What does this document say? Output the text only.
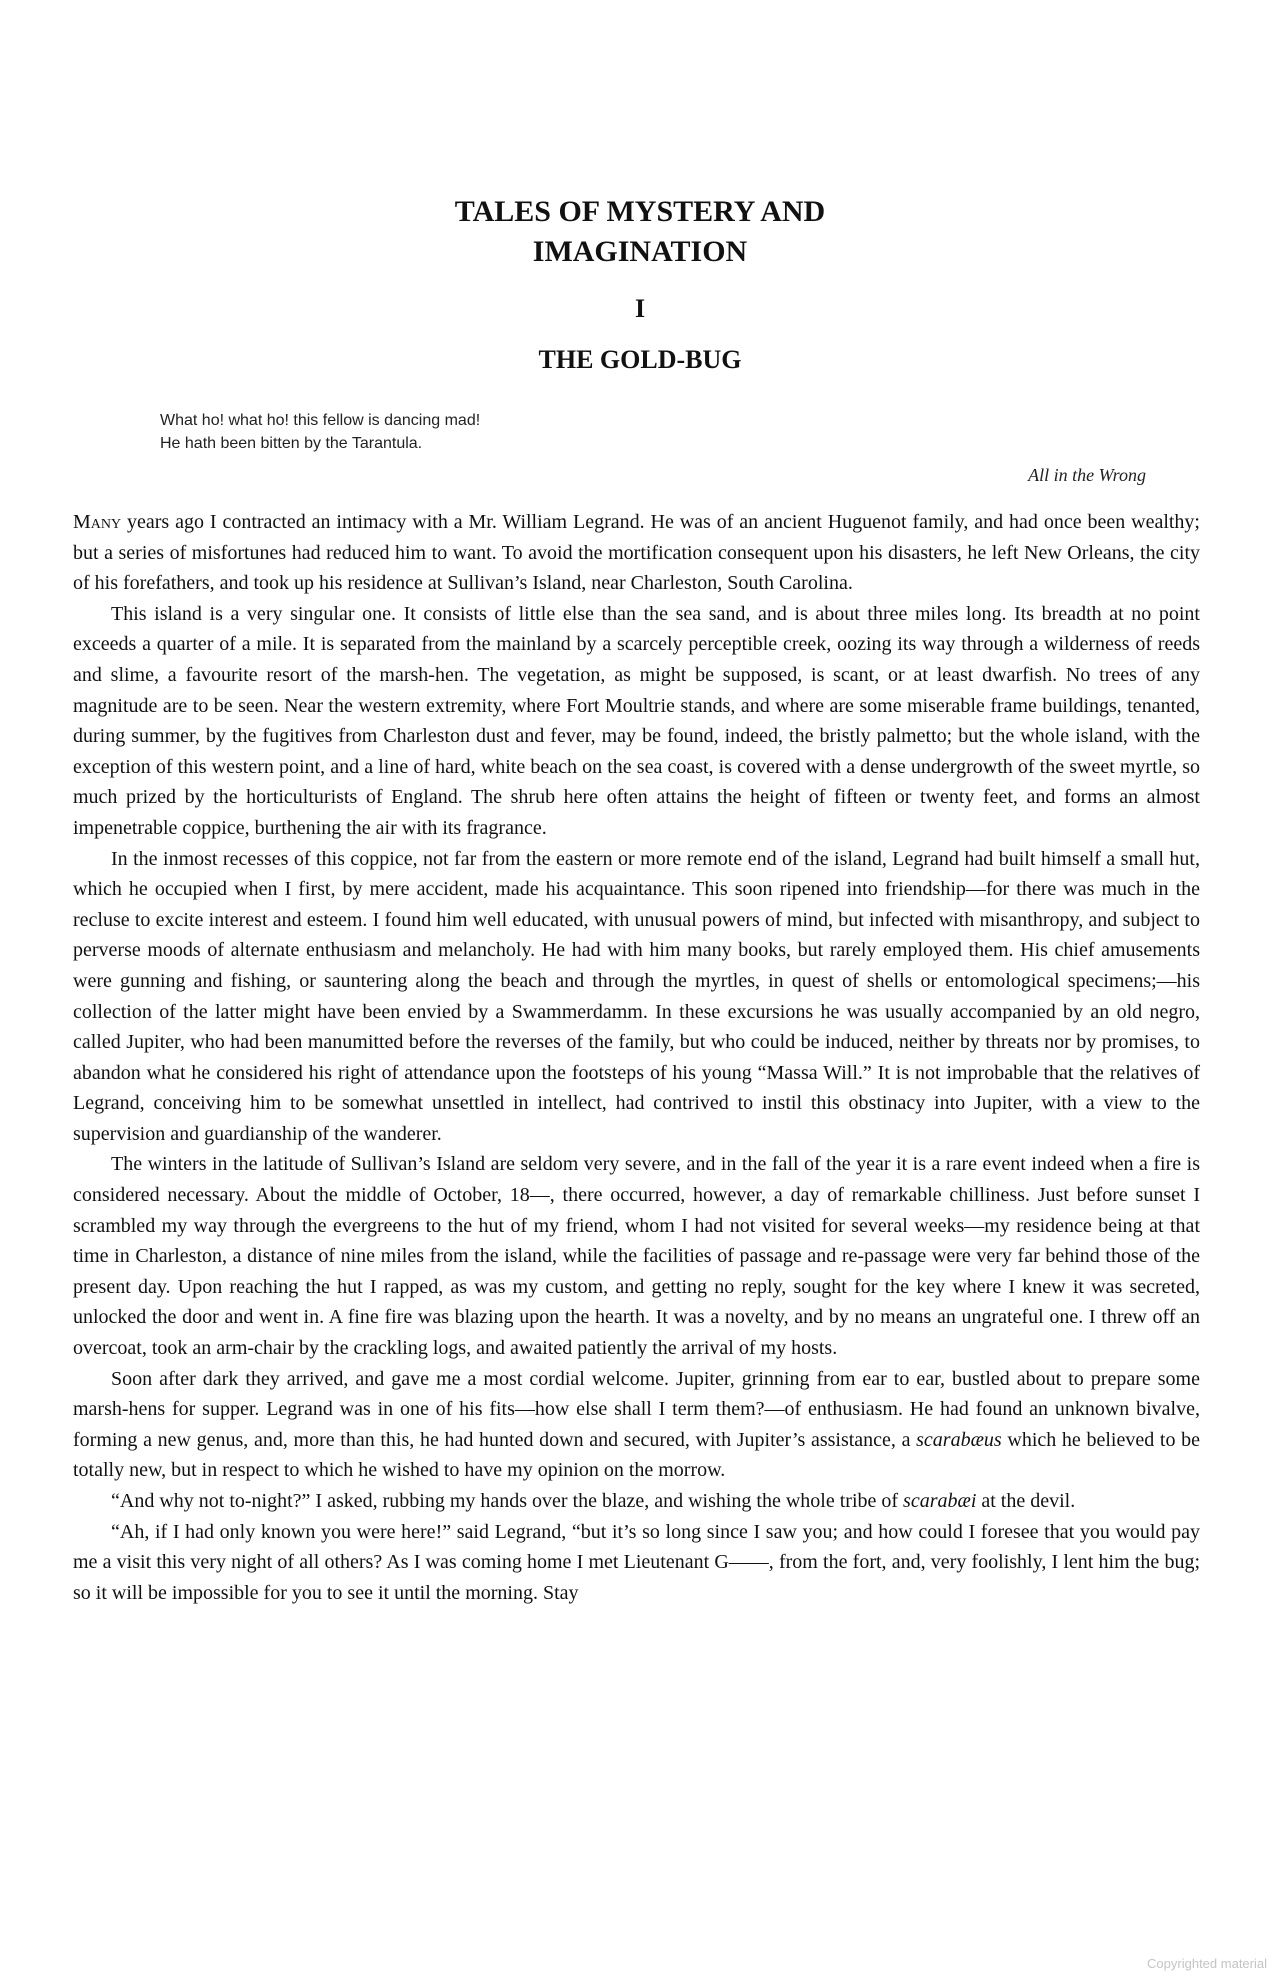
TALES OF MYSTERY AND
IMAGINATION
I
THE GOLD-BUG
What ho! what ho! this fellow is dancing mad!
He hath been bitten by the Tarantula.
All in the Wrong

Many years ago I contracted an intimacy with a Mr. William Legrand. He was of an ancient Huguenot family, and had once been wealthy; but a series of misfortunes had reduced him to want. To avoid the mortification consequent upon his disasters, he left New Orleans, the city of his forefathers, and took up his residence at Sullivan’s Island, near Charleston, South Carolina.

This island is a very singular one. It consists of little else than the sea sand, and is about three miles long. Its breadth at no point exceeds a quarter of a mile. It is separated from the mainland by a scarcely perceptible creek, oozing its way through a wilderness of reeds and slime, a favourite resort of the marsh-hen. The vegetation, as might be supposed, is scant, or at least dwarfish. No trees of any magnitude are to be seen. Near the western extremity, where Fort Moultrie stands, and where are some miserable frame buildings, tenanted, during summer, by the fugitives from Charleston dust and fever, may be found, indeed, the bristly palmetto; but the whole island, with the exception of this western point, and a line of hard, white beach on the sea coast, is covered with a dense undergrowth of the sweet myrtle, so much prized by the horticulturists of England. The shrub here often attains the height of fifteen or twenty feet, and forms an almost impenetrable coppice, burthening the air with its fragrance.

In the inmost recesses of this coppice, not far from the eastern or more remote end of the island, Legrand had built himself a small hut, which he occupied when I first, by mere accident, made his acquaintance. This soon ripened into friendship—for there was much in the recluse to excite interest and esteem. I found him well educated, with unusual powers of mind, but infected with misanthropy, and subject to perverse moods of alternate enthusiasm and melancholy. He had with him many books, but rarely employed them. His chief amusements were gunning and fishing, or sauntering along the beach and through the myrtles, in quest of shells or entomological specimens;—his collection of the latter might have been envied by a Swammerdamm. In these excursions he was usually accompanied by an old negro, called Jupiter, who had been manumitted before the reverses of the family, but who could be induced, neither by threats nor by promises, to abandon what he considered his right of attendance upon the footsteps of his young “Massa Will.” It is not improbable that the relatives of Legrand, conceiving him to be somewhat unsettled in intellect, had contrived to instil this obstinacy into Jupiter, with a view to the supervision and guardianship of the wanderer.

The winters in the latitude of Sullivan’s Island are seldom very severe, and in the fall of the year it is a rare event indeed when a fire is considered necessary. About the middle of October, 18—, there occurred, however, a day of remarkable chilliness. Just before sunset I scrambled my way through the evergreens to the hut of my friend, whom I had not visited for several weeks—my residence being at that time in Charleston, a distance of nine miles from the island, while the facilities of passage and re-passage were very far behind those of the present day. Upon reaching the hut I rapped, as was my custom, and getting no reply, sought for the key where I knew it was secreted, unlocked the door and went in. A fine fire was blazing upon the hearth. It was a novelty, and by no means an ungrateful one. I threw off an overcoat, took an arm-chair by the crackling logs, and awaited patiently the arrival of my hosts.

Soon after dark they arrived, and gave me a most cordial welcome. Jupiter, grinning from ear to ear, bustled about to prepare some marsh-hens for supper. Legrand was in one of his fits—how else shall I term them?—of enthusiasm. He had found an unknown bivalve, forming a new genus, and, more than this, he had hunted down and secured, with Jupiter’s assistance, a scarabæus which he believed to be totally new, but in respect to which he wished to have my opinion on the morrow.

“And why not to-night?” I asked, rubbing my hands over the blaze, and wishing the whole tribe of scarabæi at the devil.

“Ah, if I had only known you were here!” said Legrand, “but it’s so long since I saw you; and how could I foresee that you would pay me a visit this very night of all others? As I was coming home I met Lieutenant G——, from the fort, and, very foolishly, I lent him the bug; so it will be impossible for you to see it until the morning. Stay

Copyrighted material
